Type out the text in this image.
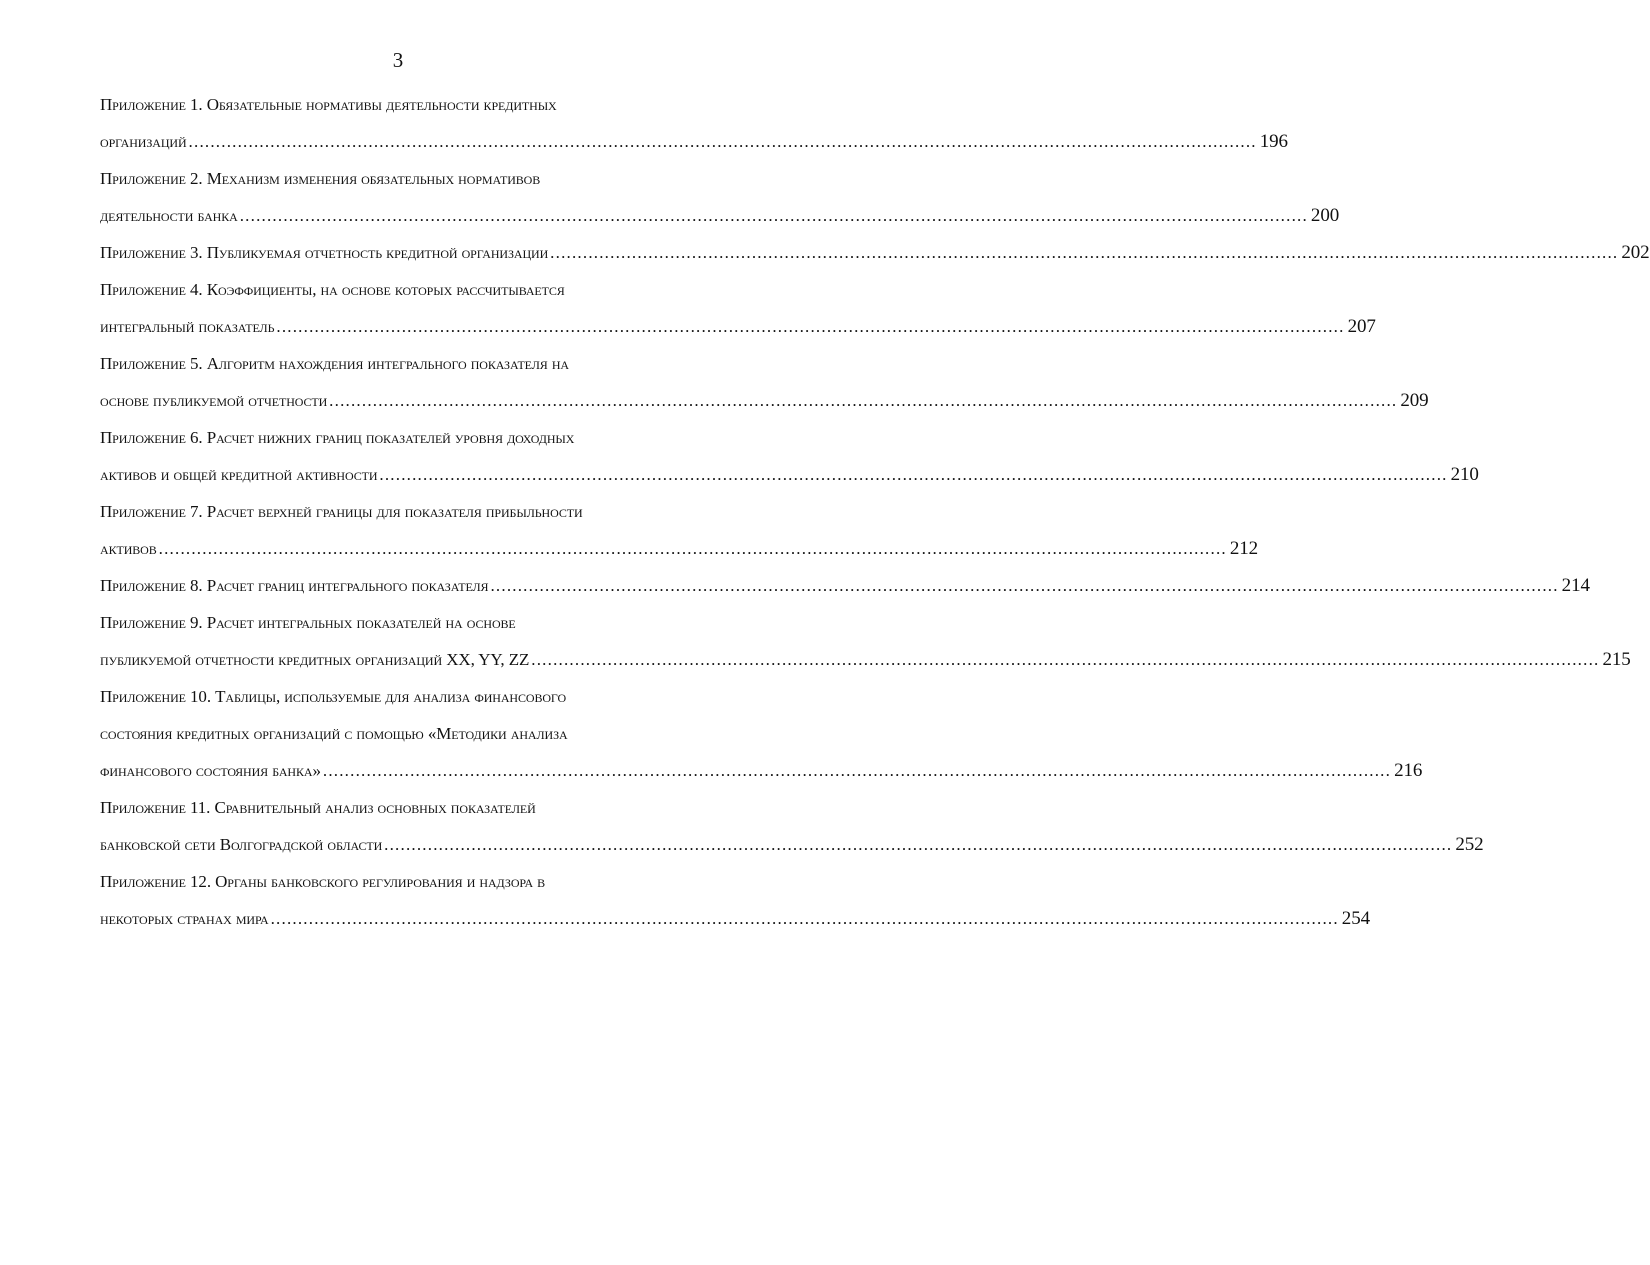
3
Приложение 1. Обязательные нормативы деятельности кредитных
организаций .................................................................................................................................................................................................... 196
Приложение 2. Механизм изменения обязательных нормативов
деятельности банка .................................................................................................................................................................................................... 200
Приложение 3. Публикуемая отчетность кредитной организации .................................................................................................................................................................................................... 202
Приложение 4. Коэффициенты, на основе которых рассчитывается
интегральный показатель .................................................................................................................................................................................................... 207
Приложение 5. Алгоритм нахождения интегрального показателя на
основе публикуемой отчетности .................................................................................................................................................................................................... 209
Приложение 6. Расчет нижних границ показателей уровня доходных
активов и общей кредитной активности .................................................................................................................................................................................................... 210
Приложение 7. Расчет верхней границы для показателя прибыльности
активов .................................................................................................................................................................................................... 212
Приложение 8. Расчет границ интегрального показателя .................................................................................................................................................................................................... 214
Приложение 9. Расчет интегральных показателей на основе
публикуемой отчетности кредитных организаций XX, YY, ZZ .................................................................................................................................................................................................... 215
Приложение 10. Таблицы, используемые для анализа финансового
состояния кредитных организаций с помощью «Методики анализа
финансового состояния банка» .................................................................................................................................................................................................... 216
Приложение 11. Сравнительный анализ основных показателей
банковской сети Волгоградской области .................................................................................................................................................................................................... 252
Приложение 12. Органы банковского регулирования и надзора в
некоторых странах мира .................................................................................................................................................................................................... 254
